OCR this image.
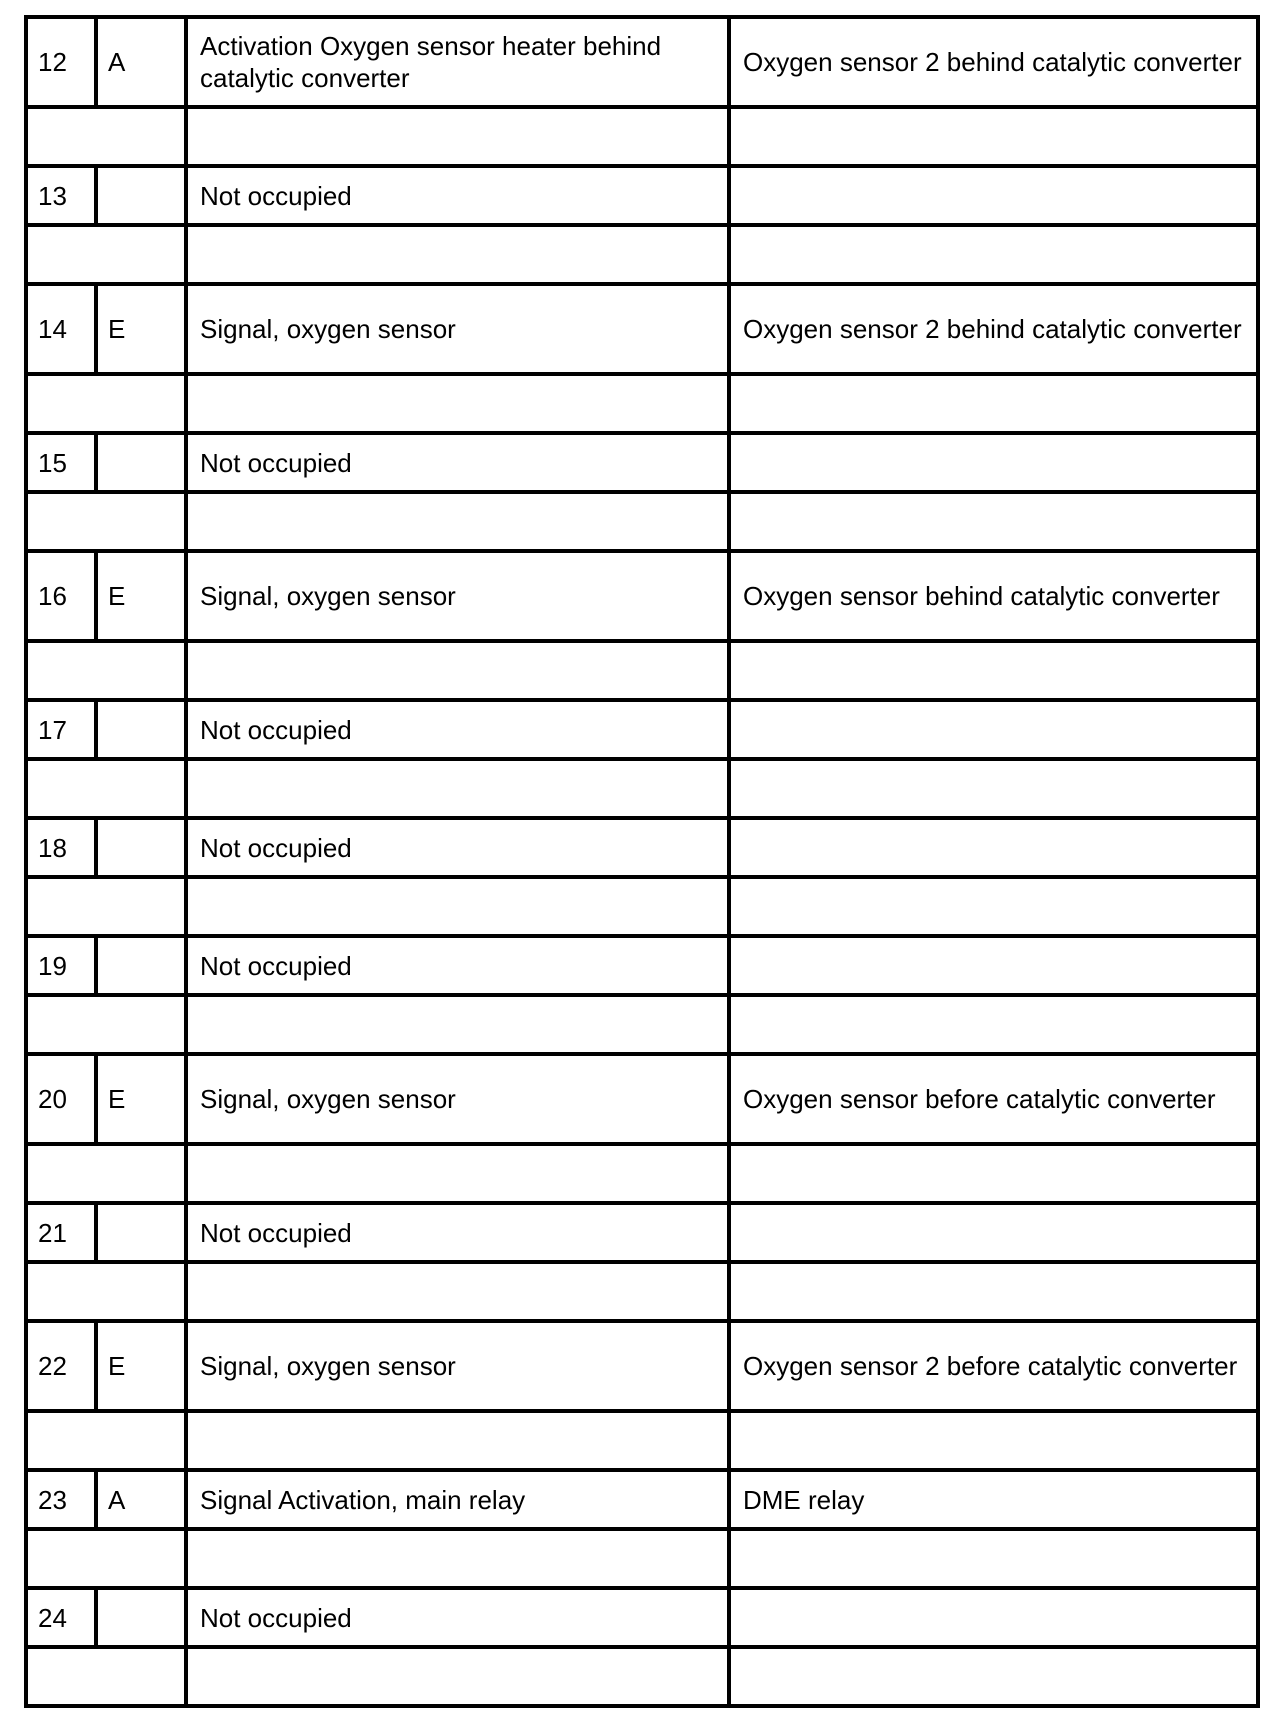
12	A	Activation Oxygen sensor heater behind catalytic converter	Oxygen sensor 2 behind catalytic converter

13		Not occupied	

14	E	Signal, oxygen sensor	Oxygen sensor 2 behind catalytic converter

15		Not occupied	

16	E	Signal, oxygen sensor	Oxygen sensor behind catalytic converter

17		Not occupied	

18		Not occupied	

19		Not occupied	

20	E	Signal, oxygen sensor	Oxygen sensor before catalytic converter

21		Not occupied	

22	E	Signal, oxygen sensor	Oxygen sensor 2 before catalytic converter

23	A	Signal Activation, main relay	DME relay

24		Not occupied	
